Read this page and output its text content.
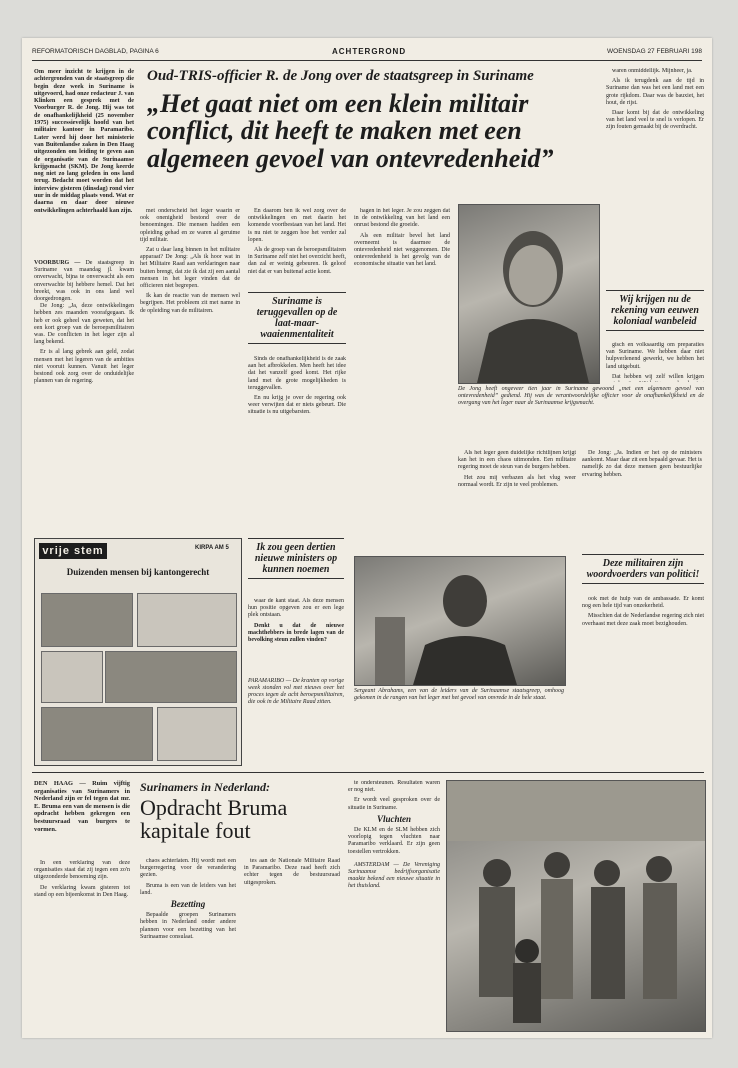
REFORMATORISCH DAGBLAD, PAGINA 6	ACHTERGROND	WOENSDAG 27 FEBRUARI 198
Om meer inzicht te krijgen in de achtergronden van de staatsgreep die begin deze week in Suriname is uitgevoerd, had onze redacteur J. van Klinken een gesprek met de Voorburger R. de Jong. Hij was tot de onafhankelijkheid (25 november 1975) successievelijk hoofd van het militaire kantoor in Paramaribo. Later werd hij door het ministerie van Buitenlandse zaken in Den Haag uitgezonden om leiding te geven aan de organisatie van de Surinaamse krijgsmacht (SKM). De Jong keerde nog niet zo lang geleden in ons land terug. Bedacht moet worden dat het interview gisteren (dinsdag) rond vier uur in de middag plaats vond. Wat er daarna en daar door nieuwe ontwikkelingen achterhaald kan zijn.
Oud-TRIS-officier R. de Jong over de staatsgreep in Suriname
„Het gaat niet om een klein militair conflict, dit heeft te maken met een algemeen gevoel van ontevredenheid”
VOORBURG — De staatsgreep in Suriname van maandag jl. kwam onverwacht, bijna te onverwacht als een onverwachte bij hebbere hemel. Dat het breekt, was ook in ons land wel doorgedrongen.

De Jong: „Ja, deze ontwikkelingen hebben zes maanden voorafgegaan. Ik heb er ook geheel van geweten, dat het een kort groep van de beroepsmilitairen was. De conflicten in het leger zijn al lang bekend.

Er is al lang gebrek aan geld, zodat mensen met het legeren van de ambities niet vooruit kunnen. Vanuit het leger bestond ook zorg over de onduidelijke plannen van de regering.

met onderscheid het leger waarin er ook onenigheid bestond over de benoemingen. Die mensen hadden een opleiding gehad en ze waren al geruime tijd militair.

Zat u daar lang binnen in het militaire apparaat? De Jong: „Als ik hoor wat in het Militaire Raad aan verklaringen naar buiten brengt, dat zie ik dat zij een aantal mensen in het leger vinden dat de officieren niet begrepen.

Ik kan de reactie van de mensen wel begrijpen. Het probleem zit met name in de opleiding van de militairen.

En daarom ben ik wel zorg over de ontwikkelingen en met daarin het komende voortbestaan van het land. Het is nu niet te zeggen hoe het verder zal lopen.

Als de groep van de beroepsmilitairen in Suriname zelf niet het overzicht heeft, dan zal er weinig gebeuren. Ik geloof niet dat er van buitenaf actie komt.

Suriname is teruggevallen op de laat-maar-waaienmentaliteit

Sinds de onafhankelijkheid is de zaak aan het afbrokkelen. Men heeft het idee dat het vanzelf goed komt. Het rijke land met de grote mogelijkheden is teruggevallen.

En nu krijg je over de regering ook weer verwijten dat er niets gebeurt. Die situatie is nu uitgebarsten.

hagen in het leger. Je zou zeggen dat in de ontwikkeling van het land een onrust bestond die groeide.

Als een militair bevel het land overneemt is daarmee de ontevredenheid niet weggenomen. Die ontevredenheid is het gevolg van de economische situatie van het land.

De Jong heeft ongeveer tien jaar in Suriname gewoond „met een algemeen gevoel van ontevredenheid” gediend. Hij was de verantwoordelijke officier voor de onafhankelijkheid en de overgang van het leger naar de Surinaamse krijgsmacht.

Als het leger geen duidelijke richtlijnen krijgt kan het in een chaos uitmonden. Een militaire regering moet de steun van de burgers hebben.

Het zou mij verbazen als het vlug weer normaal wordt. Er zijn te veel problemen.

De Jong: „Ja. Indien er het op de ministers aankomt. Maar daar zit een bepaald gevaar. Het is namelijk zo dat deze mensen geen bestuurlijke ervaring hebben.

waren onmiddellijk. Mijnheer, ja.

Als ik terugdenk aan de tijd in Suriname dan was het een land met een grote rijkdom. Daar was de bauxiet, het hout, de rijst.

Daar komt bij dat de ontwikkeling van het land veel te snel is verlopen. Er zijn fouten gemaakt bij de overdracht.

Wij krijgen nu de rekening van eeuwen koloniaal wanbeleid

gisch en volksaardig om preparaties van Suriname. We hebben daar niet hulpverlenend gewerkt, we hebben het land uitgebuit.

Dat hebben wij zelf willen krijgen

vrije stem	KIRPA AM 5
Duizenden mensen bij kantongerecht
PARAMARIBO — De kranten op vorige week stonden vol met nieuws over het proces tegen de acht beroepsmilitairen, die ook in de Militaire Raad zitten.
Ik zou geen dertien nieuwe ministers op kunnen noemen

waar de kant staat. Als deze mensen hun positie opgeven zou er een lege plek ontstaan.

Denkt u dat de nieuwe machthebbers in brede lagen van de bevolking steun zullen vinden?

Sergeant Abrahams, een van de leiders van de Surinaamse staatsgreep, omhoog gekomen in de rangen van het leger met het gevoel van onvrede in de hele staat.
Deze militairen zijn woordvoerders van politici!

ook met de hulp van de ambassade. Er komt nog een hele tijd van onzekerheid.

Misschien dat de Nederlandse regering zich niet overhaast met deze zaak moet bezighouden.

DEN HAAG — Ruim vijftig organisaties van Surinamers in Nederland zijn er fel tegen dat mr. E. Bruma een van de mensen is die opdracht hebben gekregen een bestuursraad van burgers te vormen.
Surinamers in Nederland:
Opdracht Bruma kapitale fout

In een verklaring van deze organisaties staat dat zij tegen een zo'n uitgezonderde benoeming zijn.

De verklaring kwam gisteren tot stand op een bijeenkomst in Den Haag.

chaos achterlaten. Hij wordt met een burgerregering voor de verandering gezien.

Bruma is een van de leiders van het land.

Bezetting

Bepaalde groepen Surinamers hebben in Nederland onder andere plannen voor een bezetting van het Surinaamse consulaat.

tes aan de Nationale Militaire Raad in Paramaribo. Deze raad heeft zich echter tegen de bestuursraad uitgesproken.

te ondersteunen. Resultaten waren er nog niet.

Er wordt veel gesproken over de situatie in Suriname.

Vluchten

De KLM en de SLM hebben zich voorlopig tegen vluchten naar Paramaribo verklaard. Er zijn geen toestellen vertrokken.

AMSTERDAM — De Vereniging Surinaamse bedrijfsorganisatie maakte bekend een nieuwe situatie in het thuisland.
